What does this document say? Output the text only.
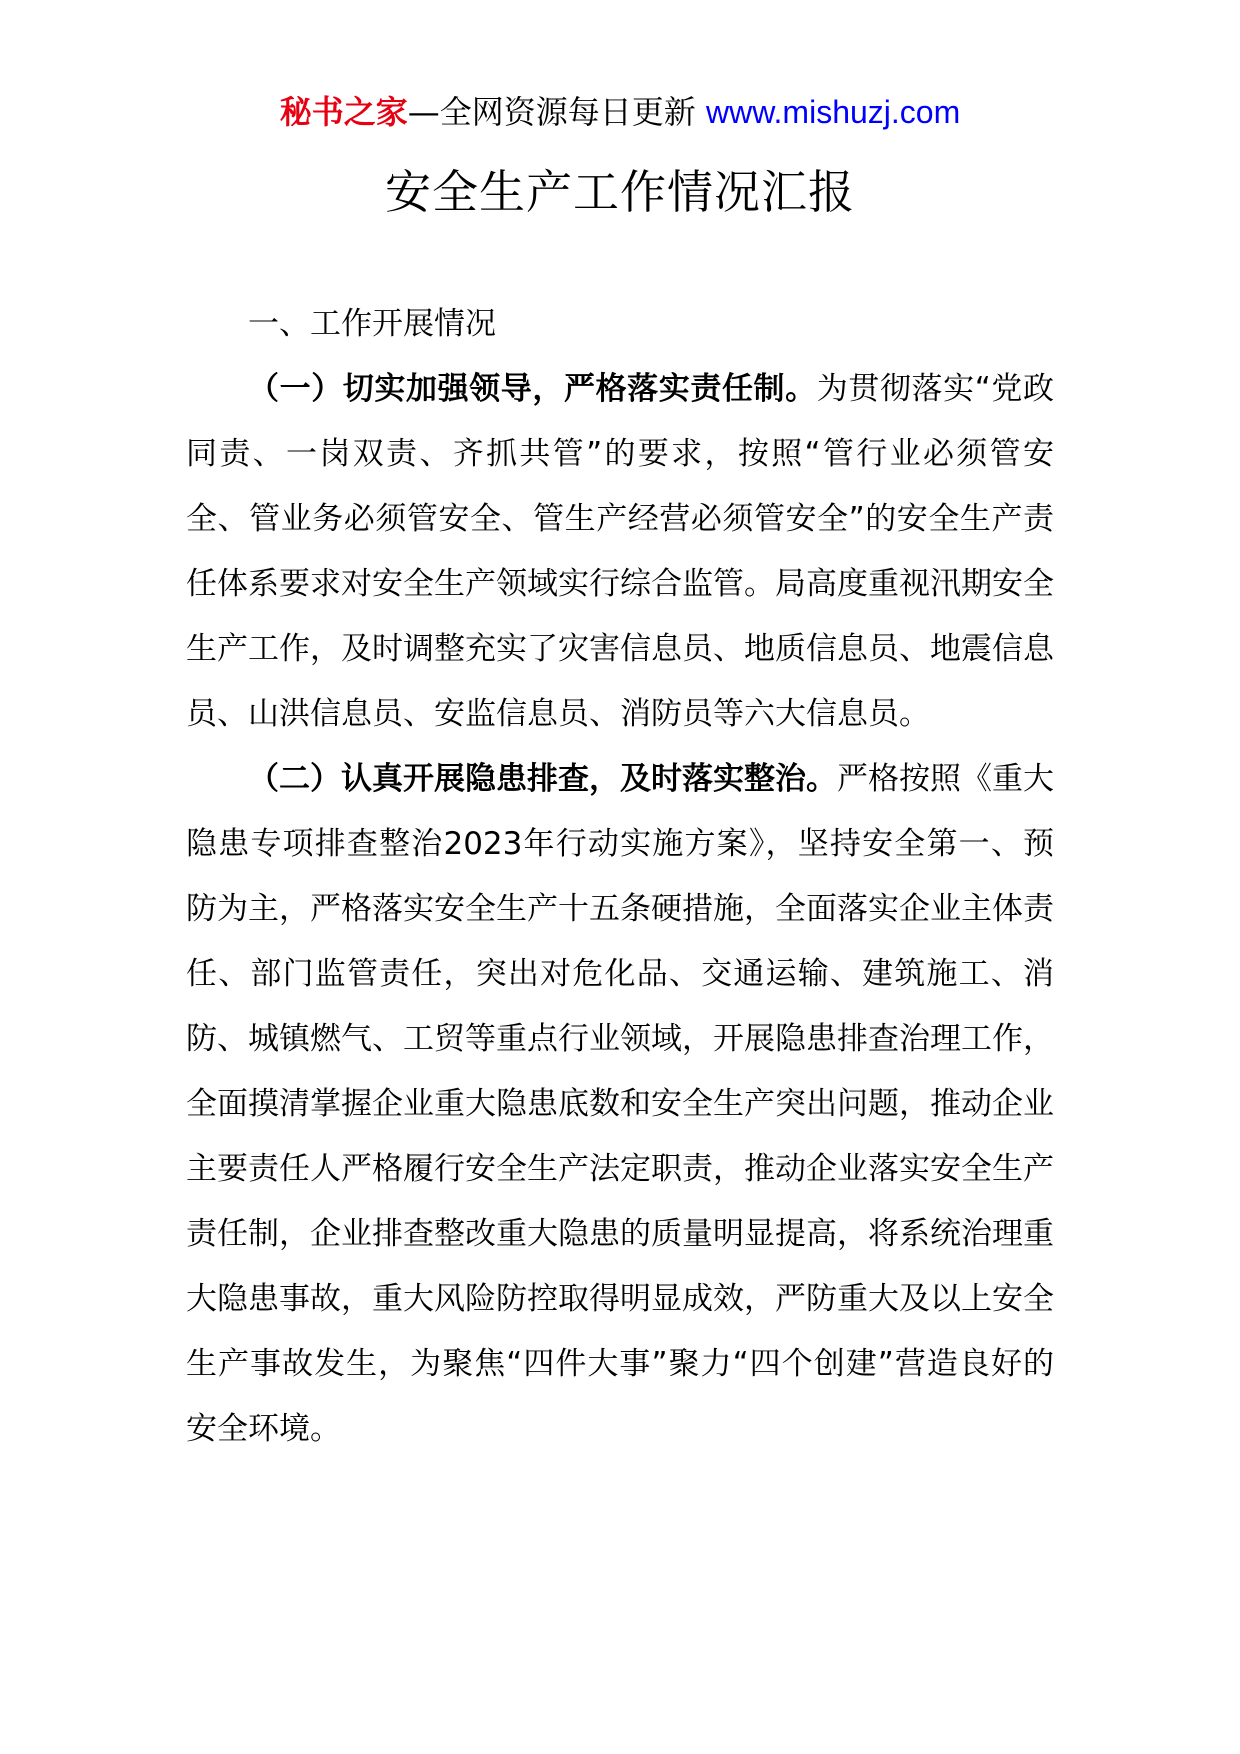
秘书之家—全网资源每日更新 www.mishuzj.com
安全生产工作情况汇报

一、工作开展情况

（一）切实加强领导，严格落实责任制。为贯彻落实“党政同责、一岗双责、齐抓共管”的要求，按照“管行业必须管安全、管业务必须管安全、管生产经营必须管安全”的安全生产责任体系要求对安全生产领域实行综合监管。局高度重视汛期安全生产工作，及时调整充实了灾害信息员、地质信息员、地震信息员、山洪信息员、安监信息员、消防员等六大信息员。

（二）认真开展隐患排查，及时落实整治。严格按照《重大隐患专项排查整治2023年行动实施方案》，坚持安全第一、预防为主，严格落实安全生产十五条硬措施，全面落实企业主体责任、部门监管责任，突出对危化品、交通运输、建筑施工、消防、城镇燃气、工贸等重点行业领域，开展隐患排查治理工作，全面摸清掌握企业重大隐患底数和安全生产突出问题，推动企业主要责任人严格履行安全生产法定职责，推动企业落实安全生产责任制，企业排查整改重大隐患的质量明显提高，将系统治理重大隐患事故，重大风险防控取得明显成效，严防重大及以上安全生产事故发生，为聚焦“四件大事”聚力“四个创建”营造良好的安全环境。
